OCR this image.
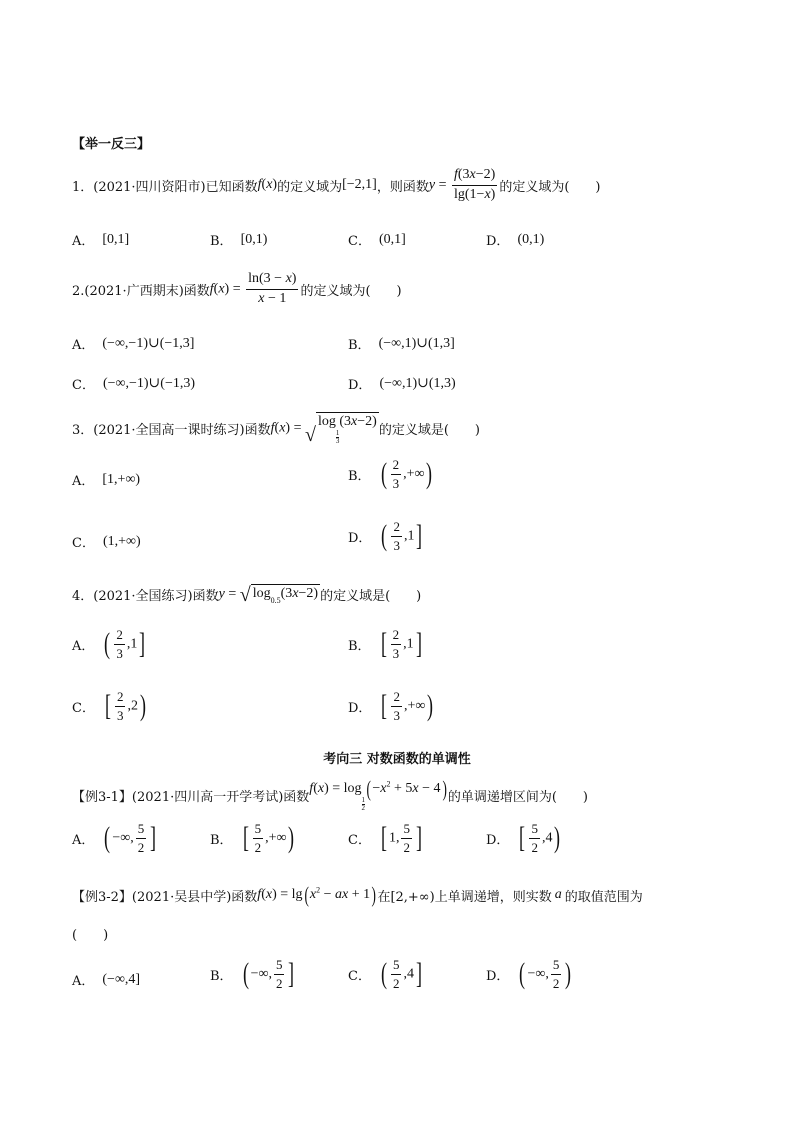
【举一反三】
1．(2021·四川资阳市)已知函数 f(x) 的定义域为 [−2,1] ，则函数 $y = \frac{f(3x-2)}{\lg(1-x)}$ 的定义域为(　　)
A． [0,1]	B． [0,1)	C． (0,1]	D． (0,1)
2.(2021·广西期末)函数 $f(x) = \frac{\ln(3 - x)}{x - 1}$ 的定义域为(　　)
A． (−∞,−1)∪(−1,3]	B． (−∞,1)∪(1,3]
C． (−∞,−1)∪(−1,3)	D． (−∞,1)∪(1,3)
3．(2021·全国高一课时练习)函数 f(x) = √
log
$\frac{1}{3}$
(3x−2)
的定义域是(　　)
A． [1,+∞)	B． ( $\frac{2}{3}$ ,+∞)
C． (1,+∞)	D． ( $\frac{2}{3} ,1$]
4．(2021·全国练习)函数 y = √ $\log_{0.5}(3x-2)$ 的定义域是(　　)
A． ( $\frac{2}{3} ,1$]	B． [ $\frac{2}{3} ,1$]
C． [ $\frac{2}{3} ,2$)	D． [ $\frac{2}{3}$ ,+∞)
考向三 对数函数的单调性
【例3-1】(2021·四川高一开学考试)函数
f(x) = log
$\frac{1}{2}$
$(-x^2 + 5x - 4)$ 的单调递增区间为(　　)
A． ( −∞, $\frac{5}{2}$ ]	B． [ $\frac{5}{2}$ ,+∞)	C． [ 1, $\frac{5}{2}$ ]	D． [ $\frac{5}{2} ,4$)
【例3-2】(2021·吴县中学)函数 $f(x) = \lg(x^2$ − ax + 1) 在[2,+∞)上单调递增，则实数 a 的取值范围为
(　　)
A． (−∞,4]	B． ( −∞, $\frac{5}{2}$ ]	C． ( $\frac{5}{2} ,4$]	D． ( −∞, $\frac{5}{2}$ )
